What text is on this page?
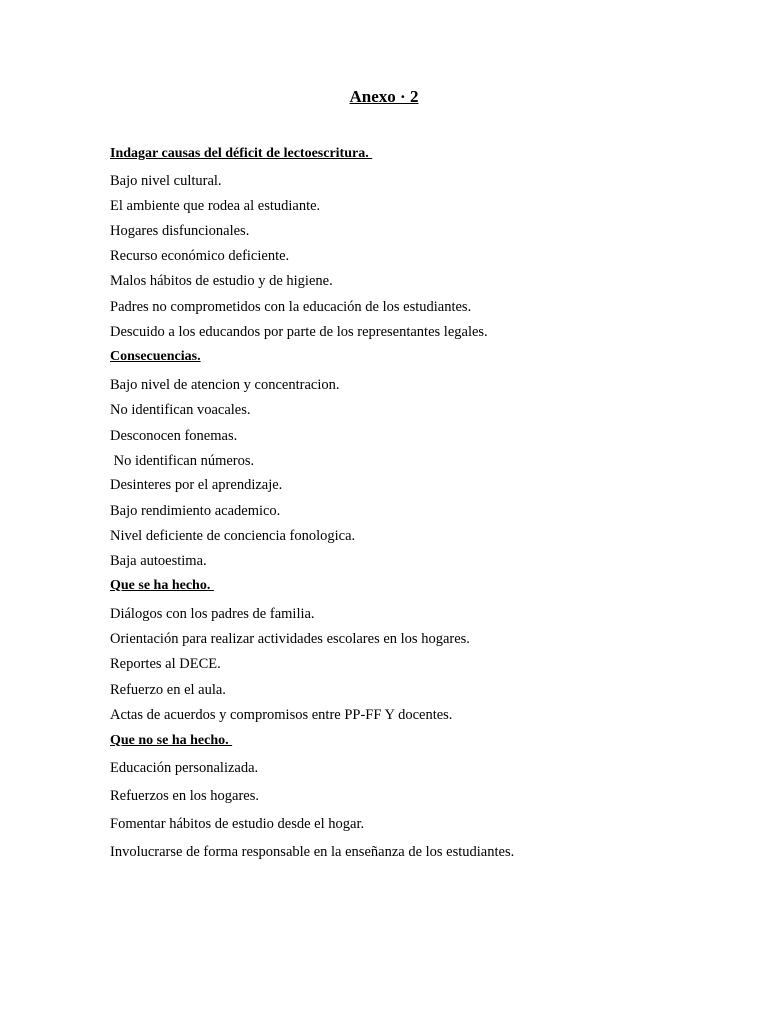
Anexo · 2

Indagar causas del déficit de lectoescritura.

Bajo nivel cultural.

El ambiente que rodea al estudiante.

Hogares disfuncionales.

Recurso económico deficiente.

Malos hábitos de estudio y de higiene.

Padres no comprometidos con la educación de los estudiantes.

Descuido a los educandos por parte de los representantes legales.

Consecuencias.

Bajo nivel de atencion y concentracion.

No identifican voacales.

Desconocen fonemas.

No identifican números.

Desinteres por el aprendizaje.

Bajo rendimiento academico.

Nivel deficiente de conciencia fonologica.

Baja autoestima.

Que se ha hecho.

Diálogos con los padres de familia.

Orientación para realizar actividades escolares en los hogares.

Reportes al DECE.

Refuerzo en el aula.

Actas de acuerdos y compromisos entre PP-FF Y docentes.

Que no se ha hecho.

Educación personalizada.

Refuerzos en los hogares.

Fomentar hábitos de estudio desde el hogar.

Involucrarse de forma responsable en la enseñanza de los estudiantes.
